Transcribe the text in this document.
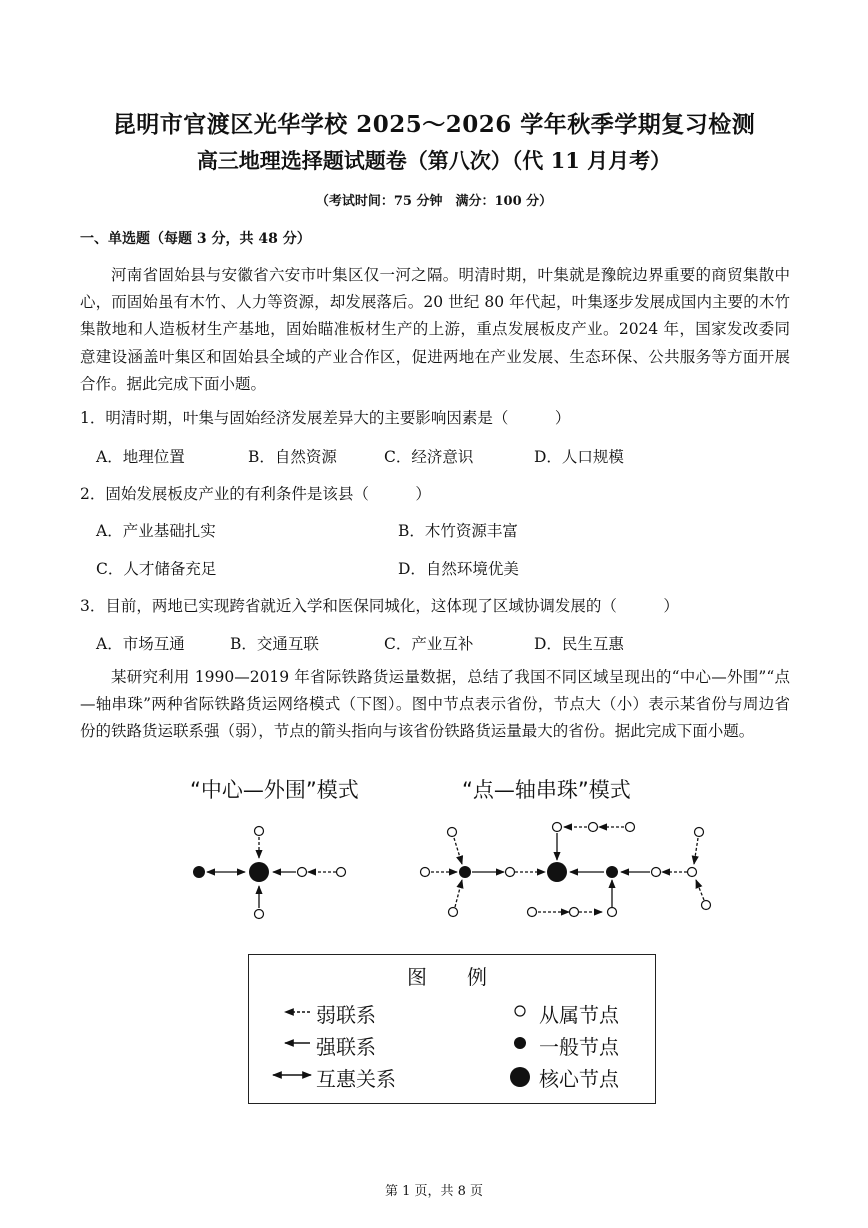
昆明市官渡区光华学校 2025～2026 学年秋季学期复习检测
高三地理选择题试题卷（第八次）（代 11 月月考）
（考试时间：75 分钟　满分：100 分）
一、单选题（每题 3 分，共 48 分）

河南省固始县与安徽省六安市叶集区仅一河之隔。明清时期，叶集就是豫皖边界重要的商贸集散中心，而固始虽有木竹、人力等资源，却发展落后。20 世纪 80 年代起，叶集逐步发展成国内主要的木竹集散地和人造板材生产基地，固始瞄准板材生产的上游，重点发展板皮产业。2024 年，国家发改委同意建设涵盖叶集区和固始县全域的产业合作区，促进两地在产业发展、生态环保、公共服务等方面开展合作。据此完成下面小题。

1．明清时期，叶集与固始经济发展差异大的主要影响因素是（　　　）
A．地理位置	B．自然资源	C．经济意识	D．人口规模
2．固始发展板皮产业的有利条件是该县（　　　）
A．产业基础扎实	B．木竹资源丰富
C．人才储备充足	D．自然环境优美
3．目前，两地已实现跨省就近入学和医保同城化，这体现了区域协调发展的（　　　）
A．市场互通	B．交通互联	C．产业互补	D．民生互惠

某研究利用 1990—2019 年省际铁路货运量数据，总结了我国不同区域呈现出的“中心—外围”“点—轴串珠”两种省际铁路货运网络模式（下图）。图中节点表示省份，节点大（小）表示某省份与周边省份的铁路货运联系强（弱），节点的箭头指向与该省份铁路货运量最大的省份。据此完成下面小题。

“中心—外围”模式	“点—轴串珠”模式
图　例
弱联系
强联系
互惠关系
从属节点
一般节点
核心节点
第 1 页，共 8 页
